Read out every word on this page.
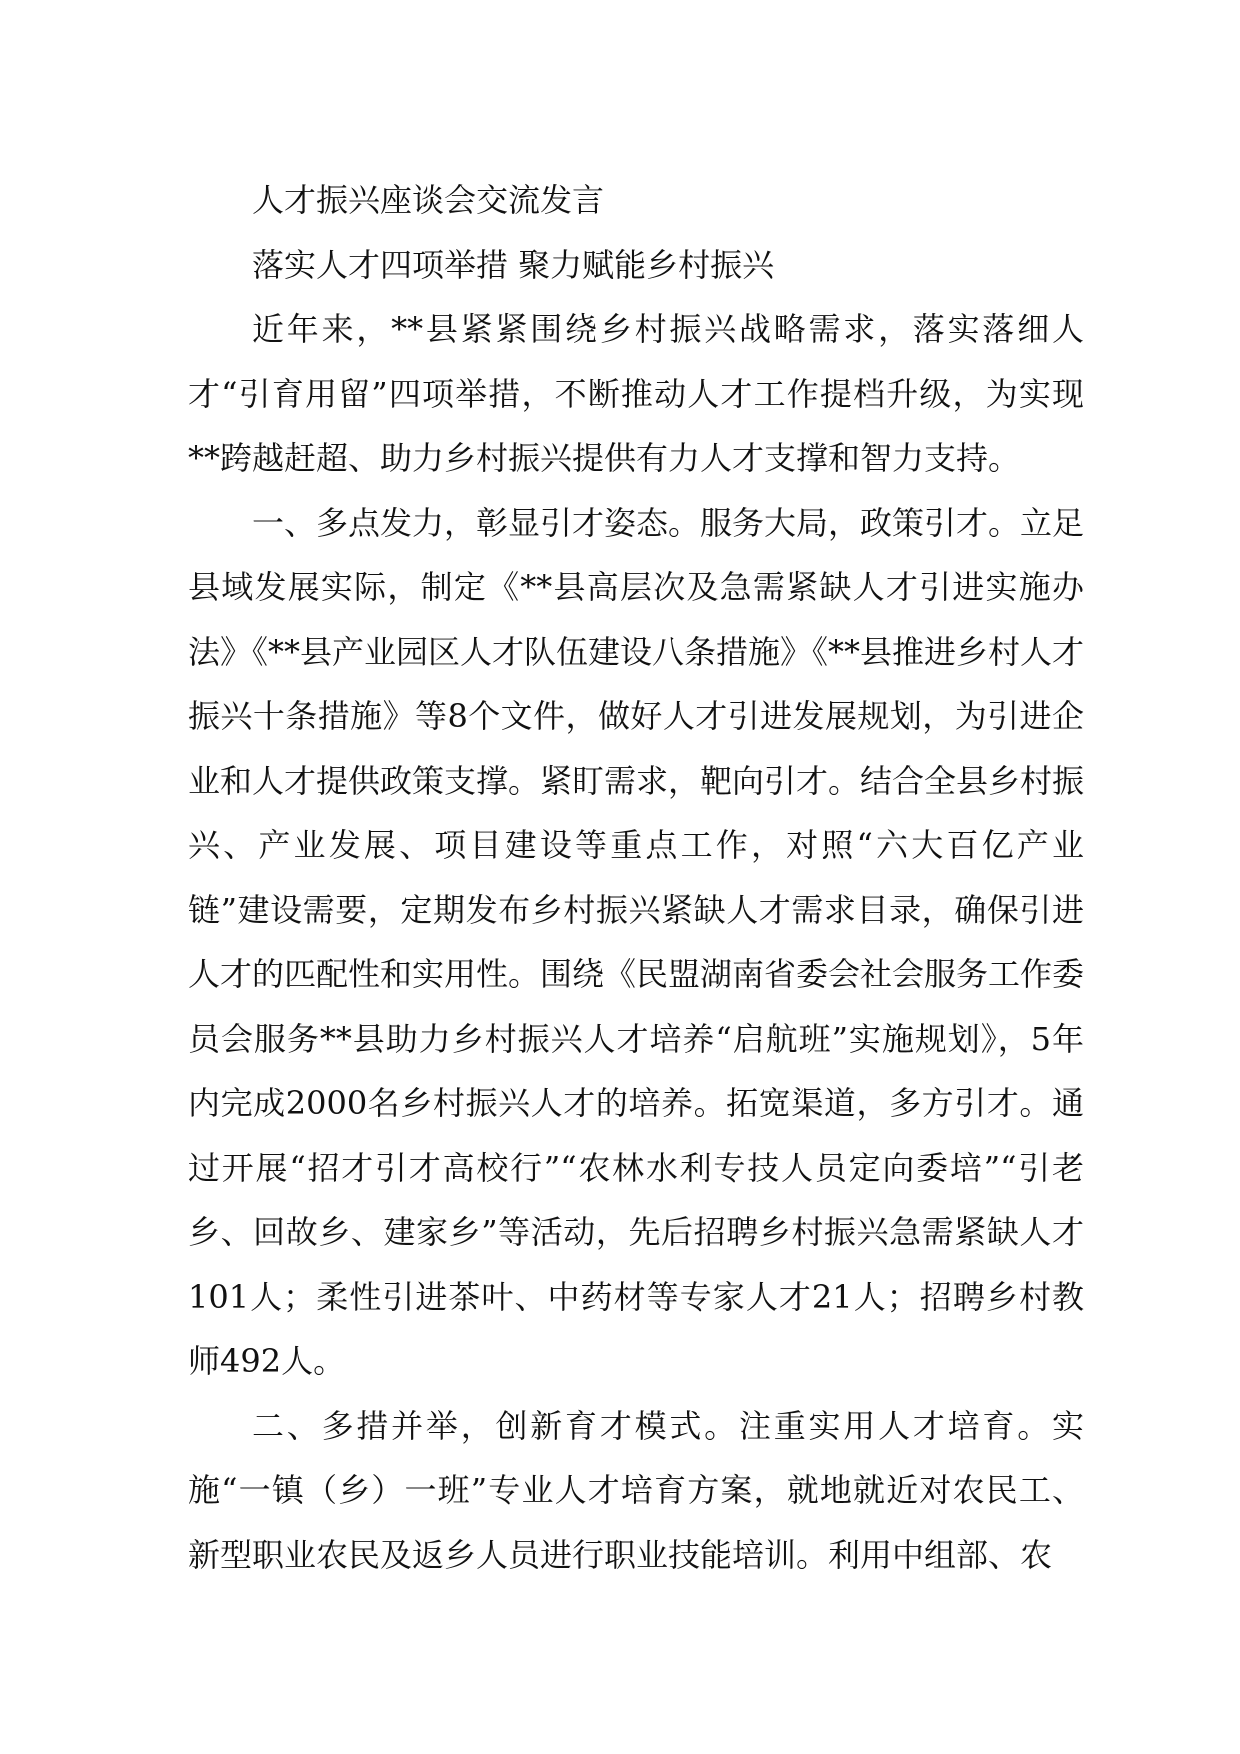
人才振兴座谈会交流发言
落实人才四项举措 聚力赋能乡村振兴

近年来，**县紧紧围绕乡村振兴战略需求，落实落细人才“引育用留”四项举措，不断推动人才工作提档升级，为实现**跨越赶超、助力乡村振兴提供有力人才支撑和智力支持。

一、多点发力，彰显引才姿态。服务大局，政策引才。立足县域发展实际，制定《**县高层次及急需紧缺人才引进实施办法》《**县产业园区人才队伍建设八条措施》《**县推进乡村人才振兴十条措施》等8个文件，做好人才引进发展规划，为引进企业和人才提供政策支撑。紧盯需求，靶向引才。结合全县乡村振兴、产业发展、项目建设等重点工作，对照“六大百亿产业链”建设需要，定期发布乡村振兴紧缺人才需求目录，确保引进人才的匹配性和实用性。围绕《民盟湖南省委会社会服务工作委员会服务**县助力乡村振兴人才培养“启航班”实施规划》，5年内完成2000名乡村振兴人才的培养。拓宽渠道，多方引才。通过开展“招才引才高校行”“农林水利专技人员定向委培”“引老乡、回故乡、建家乡”等活动，先后招聘乡村振兴急需紧缺人才101人；柔性引进茶叶、中药材等专家人才21人；招聘乡村教师492人。

二、多措并举，创新育才模式。注重实用人才培育。实施“一镇（乡）一班”专业人才培育方案，就地就近对农民工、新型职业农民及返乡人员进行职业技能培训。利用中组部、农
